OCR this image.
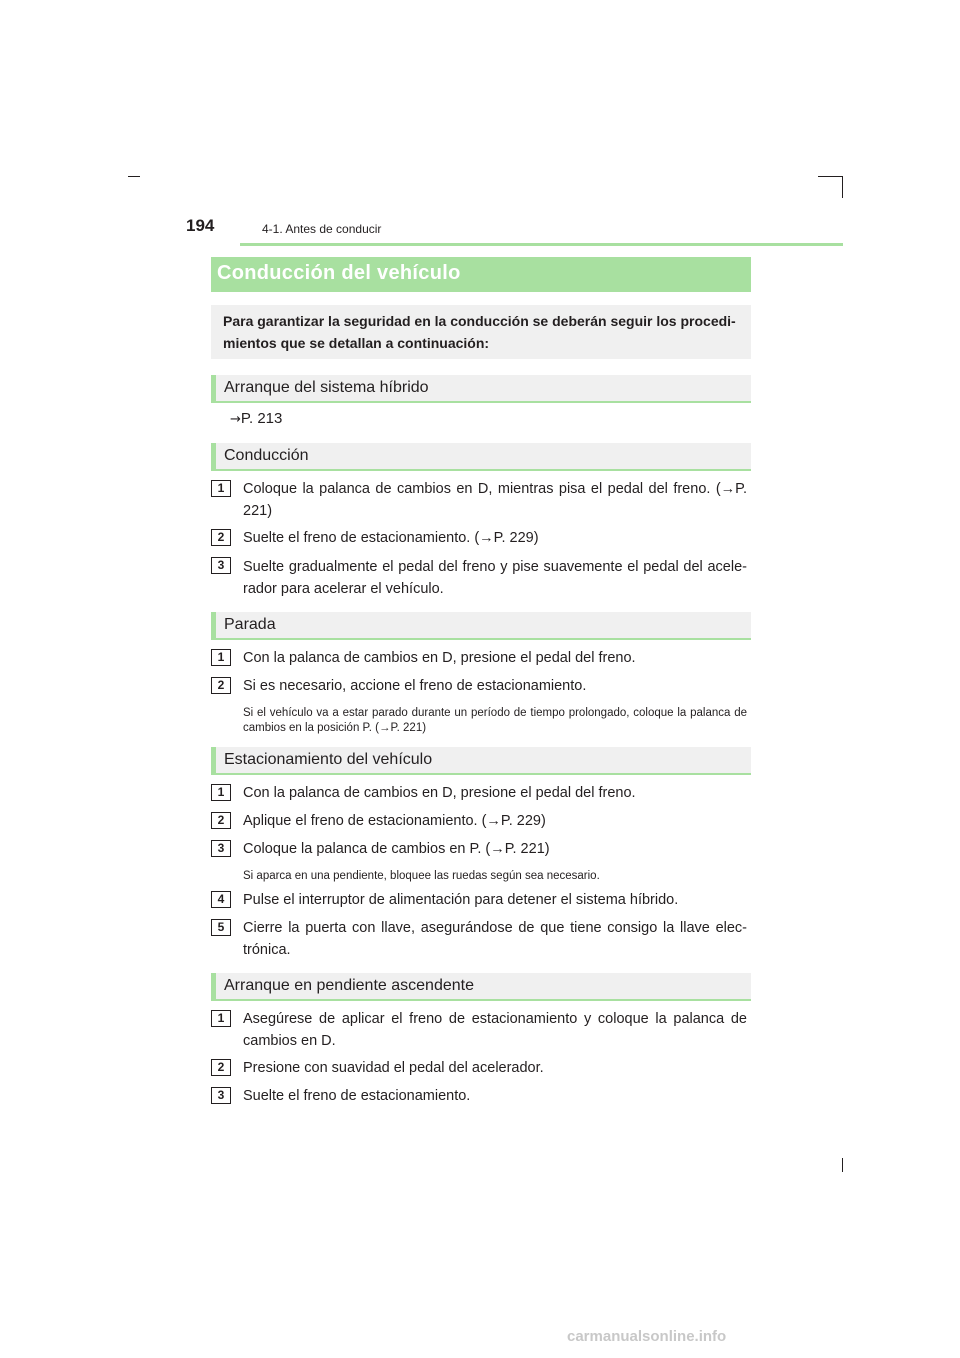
194	4-1. Antes de conducir
Conducción del vehículo
Para garantizar la seguridad en la conducción se deberán seguir los procedi- mientos que se detallan a continuación:
Arranque del sistema híbrido
→P. 213
Conducción
1	Coloque la palanca de cambios en D, mientras pisa el pedal del freno. (→P. 221)
2	Suelte el freno de estacionamiento. (→P. 229)
3	Suelte gradualmente el pedal del freno y pise suavemente el pedal del acele- rador para acelerar el vehículo.
Parada
1	Con la palanca de cambios en D, presione el pedal del freno.
2	Si es necesario, accione el freno de estacionamiento.
Si el vehículo va a estar parado durante un período de tiempo prolongado, coloque la palanca de cambios en la posición P. (→P. 221)
Estacionamiento del vehículo
1	Con la palanca de cambios en D, presione el pedal del freno.
2	Aplique el freno de estacionamiento. (→P. 229)
3	Coloque la palanca de cambios en P. (→P. 221)
Si aparca en una pendiente, bloquee las ruedas según sea necesario.
4	Pulse el interruptor de alimentación para detener el sistema híbrido.
5	Cierre la puerta con llave, asegurándose de que tiene consigo la llave elec- trónica.
Arranque en pendiente ascendente
1	Asegúrese de aplicar el freno de estacionamiento y coloque la palanca de cambios en D.
2	Presione con suavidad el pedal del acelerador.
3	Suelte el freno de estacionamiento.
carmanualsonline.info
